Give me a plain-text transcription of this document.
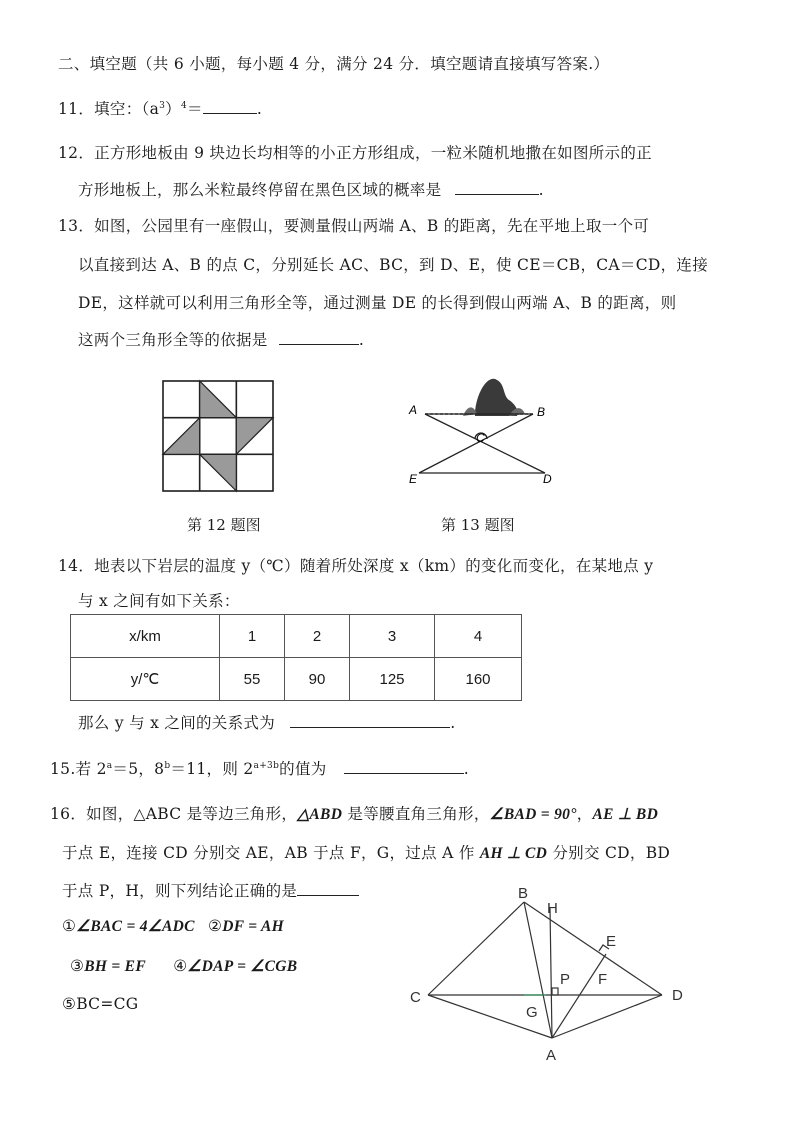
二、填空题（共 6 小题，每小题 4 分，满分 24 分．填空题请直接填写答案.）
11．填空：$(a^3)^4=$	.
12．正方形地板由 9 块边长均相等的小正方形组成，一粒米随机地撒在如图所示的正
方形地板上，那么米粒最终停留在黑色区域的概率是	.
13．如图，公园里有一座假山，要测量假山两端 A、B 的距离，先在平地上取一个可
以直接到达 A、B 的点 C，分别延长 AC、BC，到 D、E，使 CE＝CB，CA＝CD，连接
DE，这样就可以利用三角形全等，通过测量 DE 的长得到假山两端 A、B 的距离，则
这两个三角形全等的依据是	.
第 12 题图
A	B
C
E	D
第 13 题图
14．地表以下岩层的温度 y（℃）随着所处深度 x（km）的变化而变化，在某地点 y
与 x 之间有如下关系：
x/km	1	2	3	4
y/℃	55	90	125	160
那么 y 与 x 之间的关系式为	.
15.若 $2^a=5$，$8^b=11$，则 $2^{a+3b}$的值为	.
16．如图，△ABC 是等边三角形，△ABD 是等腰直角三角形，∠BAD = 90°，AE ⊥ BD
于点 E，连接 CD 分别交 AE，AB 于点 F，G，过点 A 作 AH ⊥ CD 分别交 CD，BD
于点 P，H，则下列结论正确的是
①∠BAC = 4∠ADC ②DF = AH
③BH = EF ④∠DAP = ∠CGB
⑤BC=CG
B
H
E
C
P F
D
G
A
